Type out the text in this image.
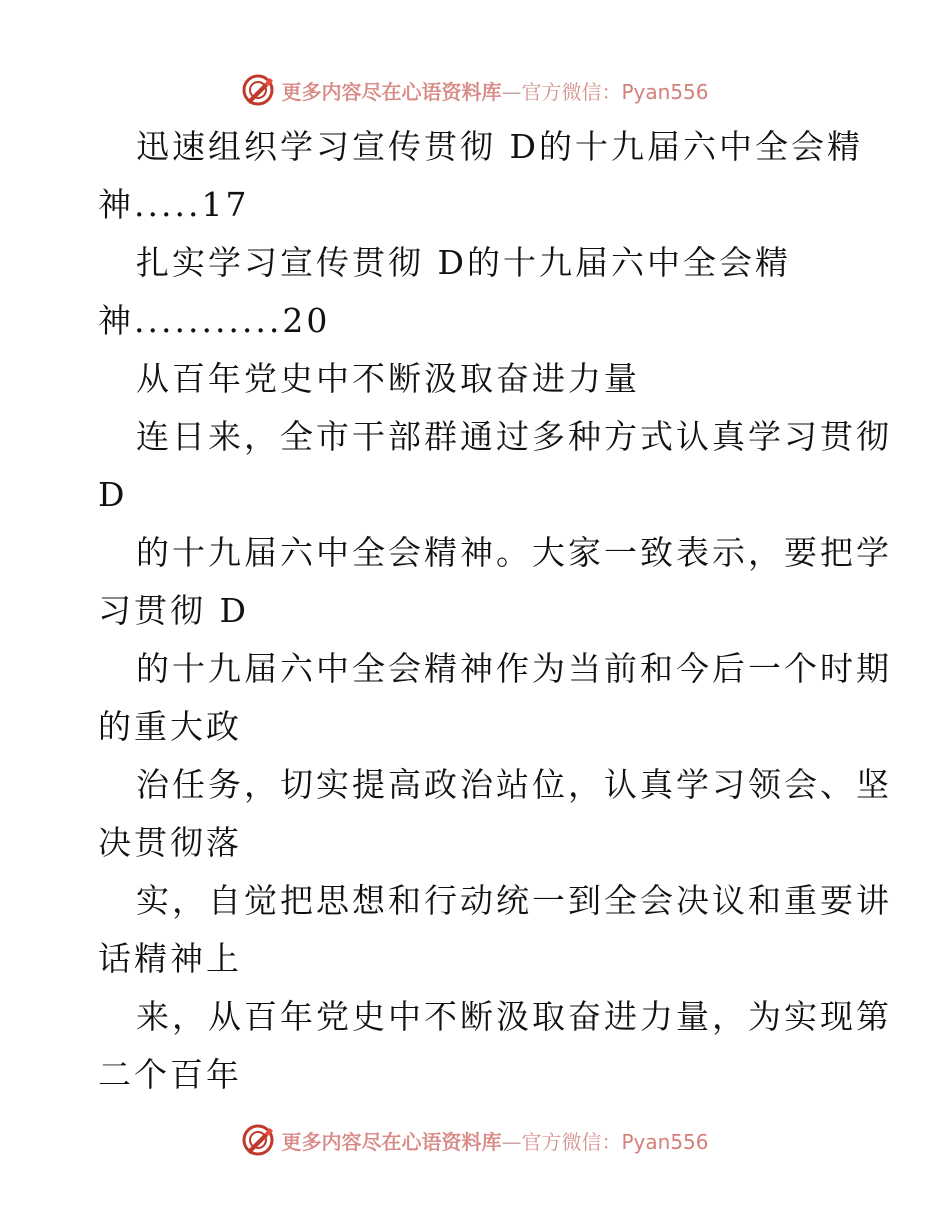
更多内容尽在心语资料库—官方微信：Pyan556
迅速组织学习宣传贯彻 D的十九届六中全会精
神.....17
扎实学习宣传贯彻 D的十九届六中全会精
神...........20
从百年党史中不断汲取奋进力量
连日来，全市干部群通过多种方式认真学习贯彻
D
的十九届六中全会精神。大家一致表示，要把学
习贯彻 D
的十九届六中全会精神作为当前和今后一个时期
的重大政
治任务，切实提高政治站位，认真学习领会、坚
决贯彻落
实，自觉把思想和行动统一到全会决议和重要讲
话精神上
来，从百年党史中不断汲取奋进力量，为实现第
二个百年
更多内容尽在心语资料库—官方微信：Pyan556
